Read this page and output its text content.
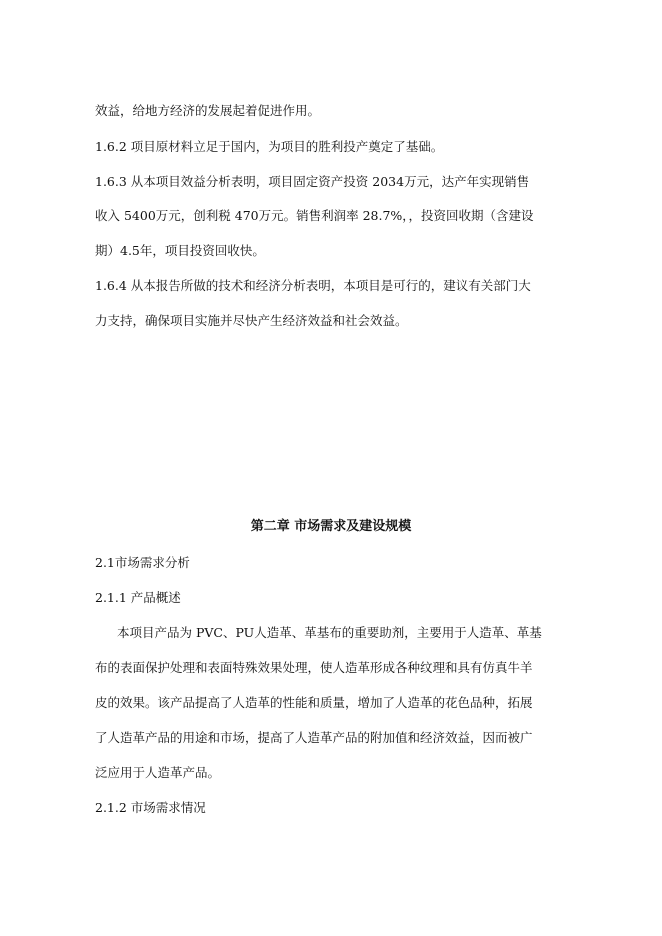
效益，给地方经济的发展起着促进作用。
1.6.2 项目原材料立足于国内，为项目的胜利投产奠定了基础。
1.6.3 从本项目效益分析表明，项目固定资产投资 2034万元，达产年实现销售
收入 5400万元，创利税 470万元。销售利润率 28.7%，，投资回收期（含建设
期）4.5年，项目投资回收快。
1.6.4 从本报告所做的技术和经济分析表明，本项目是可行的，建议有关部门大
力支持，确保项目实施并尽快产生经济效益和社会效益。
第二章 市场需求及建设规模
2.1市场需求分析
2.1.1 产品概述
本项目产品为 PVC、PU人造革、革基布的重要助剂，主要用于人造革、革基
布的表面保护处理和表面特殊效果处理，使人造革形成各种纹理和具有仿真牛羊
皮的效果。该产品提高了人造革的性能和质量，增加了人造革的花色品种，拓展
了人造革产品的用途和市场，提高了人造革产品的附加值和经济效益，因而被广
泛应用于人造革产品。
2.1.2 市场需求情况
